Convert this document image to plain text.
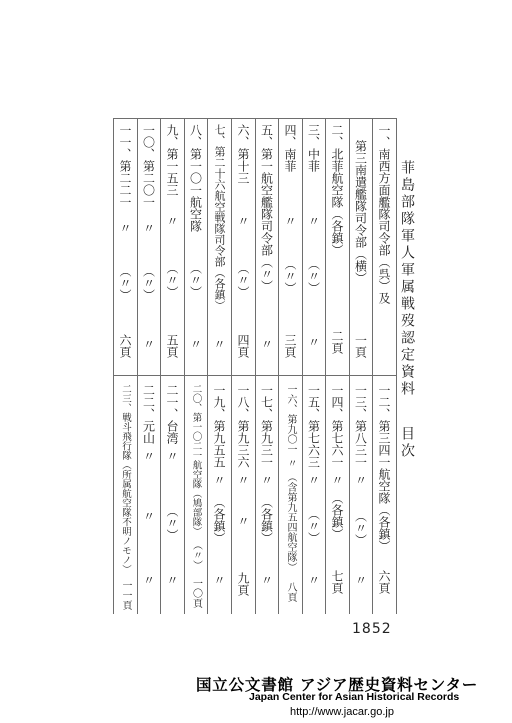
菲島部隊軍人軍属戦歿認定資料
目次
一、南西方面艦隊司令部（呉）及
第三南遣艦隊司令部（横）
一頁
二、北菲航空隊（各鎮）
二頁
三、中菲
〃
（〃）
〃
四、南菲
〃
（〃）
三頁
五、第一航空艦隊司令部（〃）
〃
六、第十三
〃
（〃）
四頁
七、第二十六航空戦隊司令部（各鎮）
〃
八、第一〇一航空隊
（〃）
〃
九、第一五三
〃
（〃）
五頁
一〇、第二〇一
〃
（〃）
〃
一一、第二二一
〃
（〃）
六頁
一二、第三四一航空隊（各鎮）
六頁
一三、第八三一
〃
（〃）
〃
一四、第七六一
〃
（各鎮）
七頁
一五、第七六三
〃
（〃）
〃
一六、第九〇一
〃
（含第九五四航空隊）
八頁
一七、第九三一
〃
（各鎮）
〃
一八、第九三六
〃
〃
九頁
一九、第九五五
〃
（各鎮）
〃
二〇、第一〇二一航空隊（鳩部隊）
（〃）
一〇頁
二一、台湾
〃
（〃）
〃
二二、元山
〃
〃
〃
二三、戦斗飛行隊（所属航空隊不明ノモノ）
一一頁
1852
国立公文書館 アジア歴史資料センター
Japan Center for Asian Historical Records
http://www.jacar.go.jp
